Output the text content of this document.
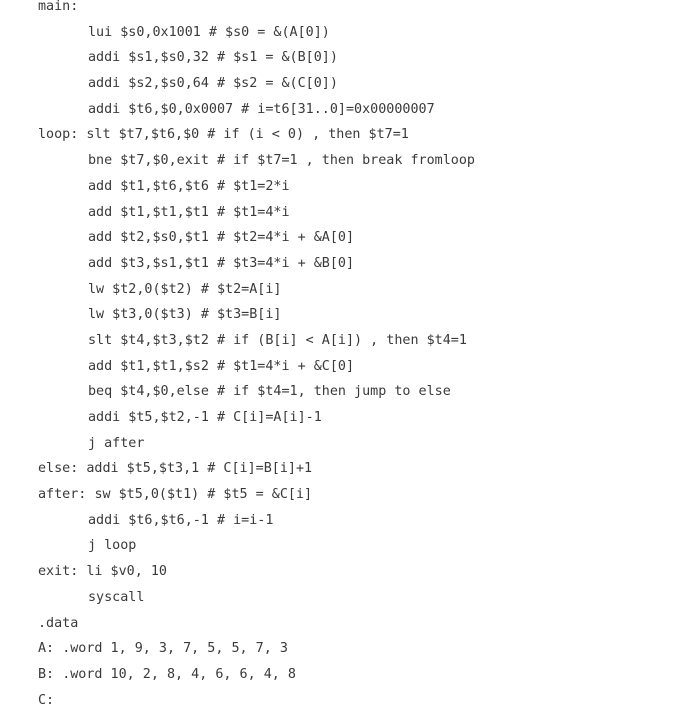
main:
lui $s0,0x1001 # $s0 = &(A[0])
addi $s1,$s0,32 # $s1 = &(B[0])
addi $s2,$s0,64 # $s2 = &(C[0])
addi $t6,$0,0x0007 # i=t6[31..0]=0x00000007
loop: slt $t7,$t6,$0 # if (i < 0) , then $t7=1
bne $t7,$0,exit # if $t7=1 , then break fromloop
add $t1,$t6,$t6 # $t1=2*i
add $t1,$t1,$t1 # $t1=4*i
add $t2,$s0,$t1 # $t2=4*i + &A[0]
add $t3,$s1,$t1 # $t3=4*i + &B[0]
lw $t2,0($t2) # $t2=A[i]
lw $t3,0($t3) # $t3=B[i]
slt $t4,$t3,$t2 # if (B[i] < A[i]) , then $t4=1
add $t1,$t1,$s2 # $t1=4*i + &C[0]
beq $t4,$0,else # if $t4=1, then jump to else
addi $t5,$t2,-1 # C[i]=A[i]-1
j after
else: addi $t5,$t3,1 # C[i]=B[i]+1
after: sw $t5,0($t1) # $t5 = &C[i]
addi $t6,$t6,-1 # i=i-1
j loop
exit: li $v0, 10
syscall
.data
A: .word 1, 9, 3, 7, 5, 5, 7, 3
B: .word 10, 2, 8, 4, 6, 6, 4, 8
C:
